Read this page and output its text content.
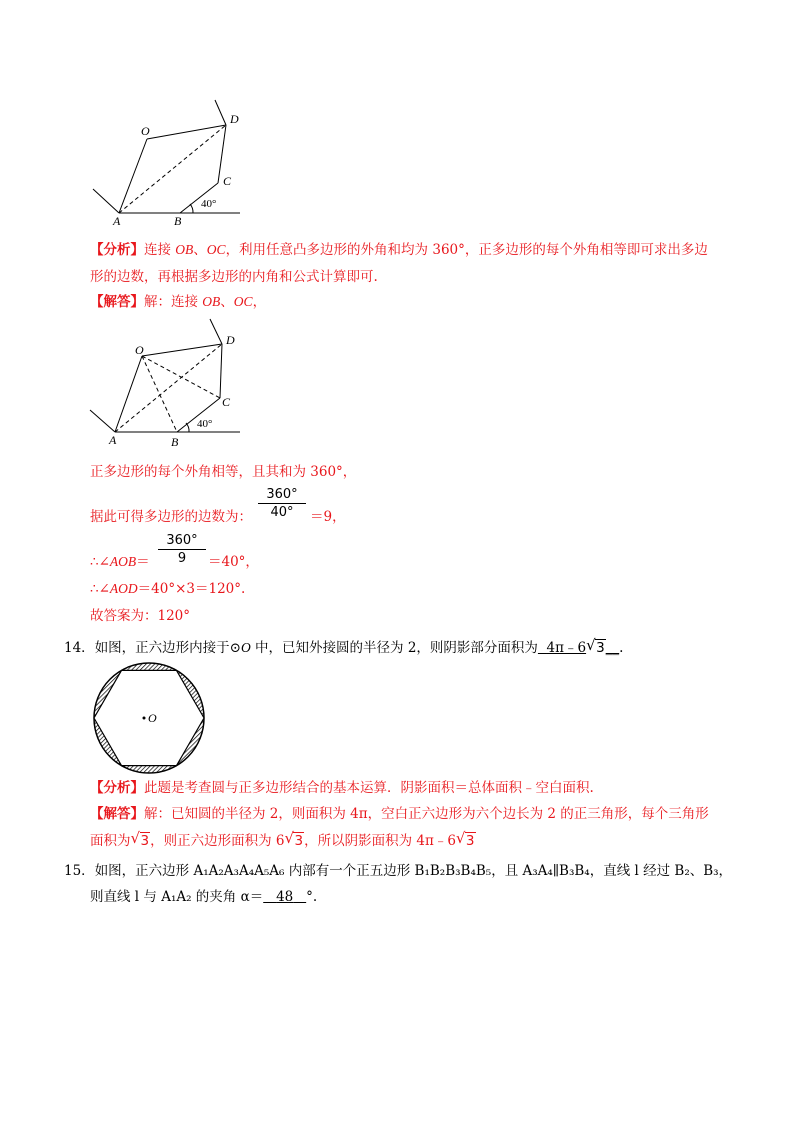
O
D
C
A	B
40°
【分析】连接 OB、OC，利用任意凸多边形的外角和均为 360°，正多边形的每个外角相等即可求出多边
形的边数，再根据多边形的内角和公式计算即可.
【解答】解：连接 OB、OC，
O
D
C
A	B
40°
正多边形的每个外角相等，且其和为 360°，
据此可得多边形的边数为：
360°
40°	＝9，
∴∠AOB＝
360°
9	＝40°，
∴∠AOD＝40°×3＝120°.
故答案为：120°
14．如图，正六边形内接于⊙O 中，已知外接圆的半径为 2，则阴影部分面积为 4π﹣6 √ 3__.
O
【分析】此题是考查圆与正多边形结合的基本运算．阴影面积＝总体面积﹣空白面积.
【解答】解：已知圆的半径为 2，则面积为 4π，空白正六边形为六个边长为 2 的正三角形，每个三角形
面积为 √ 3，则正六边形面积为 6 √ 3，所以阴影面积为 4π﹣6 √ 3
15．如图，正六边形 A₁A₂A₃A₄A₅A₆ 内部有一个正五边形 B₁B₂B₃B₄B₅，且 A₃A₄∥B₃B₄，直线 l 经过 B₂、B₃，
则直线 l 与 A₁A₂ 的夹角 α＝ 48 °.
